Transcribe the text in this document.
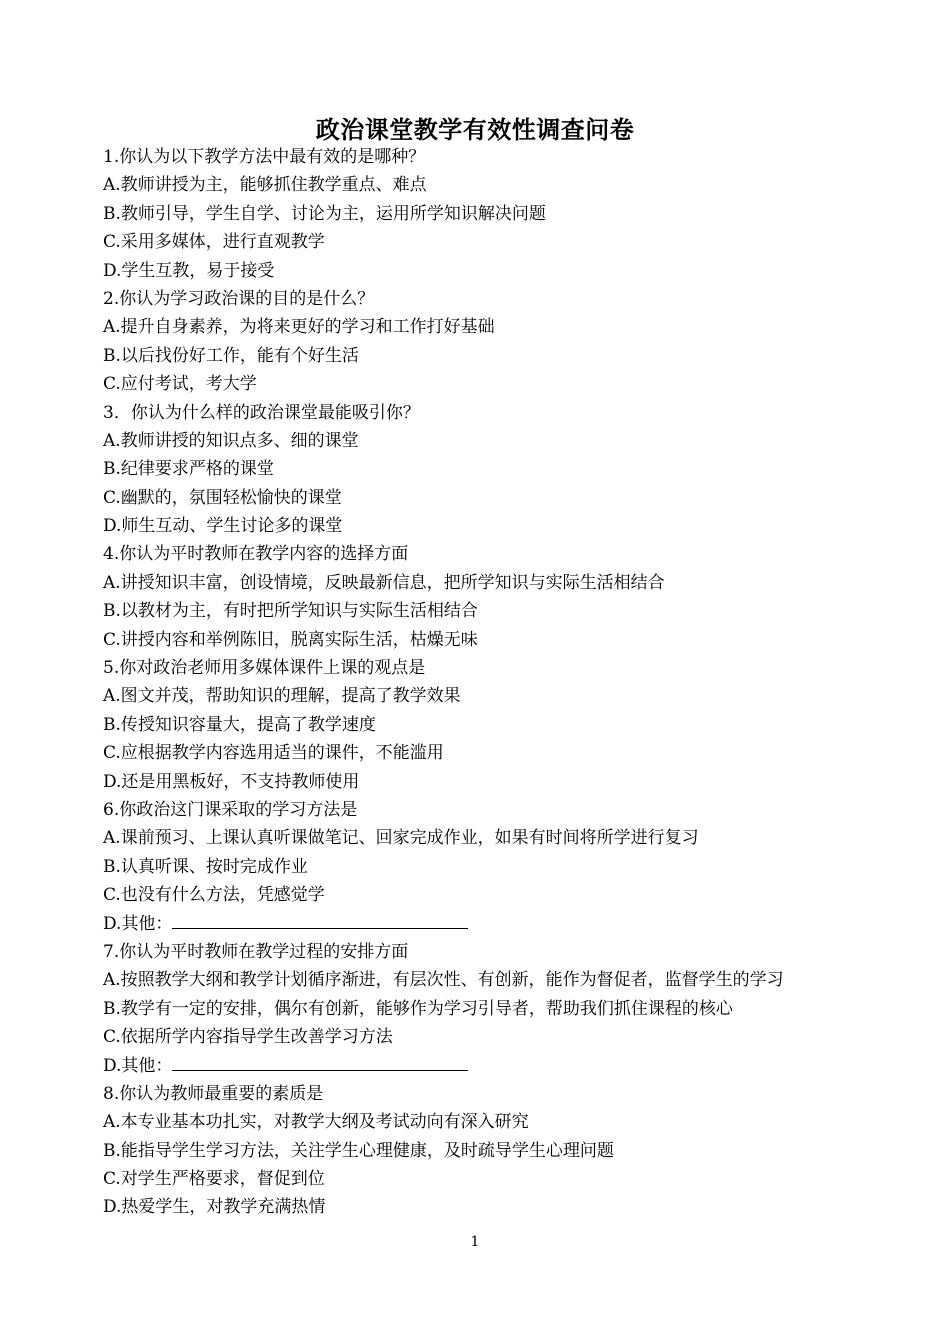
政治课堂教学有效性调查问卷
1.你认为以下教学方法中最有效的是哪种？
A.教师讲授为主，能够抓住教学重点、难点
B.教师引导，学生自学、讨论为主，运用所学知识解决问题
C.采用多媒体，进行直观教学
D.学生互教，易于接受
2.你认为学习政治课的目的是什么？
A.提升自身素养，为将来更好的学习和工作打好基础
B.以后找份好工作，能有个好生活
C.应付考试，考大学
3．你认为什么样的政治课堂最能吸引你？
A.教师讲授的知识点多、细的课堂
B.纪律要求严格的课堂
C.幽默的，氛围轻松愉快的课堂
D.师生互动、学生讨论多的课堂
4.你认为平时教师在教学内容的选择方面
A.讲授知识丰富，创设情境，反映最新信息，把所学知识与实际生活相结合
B.以教材为主，有时把所学知识与实际生活相结合
C.讲授内容和举例陈旧，脱离实际生活，枯燥无味
5.你对政治老师用多媒体课件上课的观点是
A.图文并茂，帮助知识的理解，提高了教学效果
B.传授知识容量大，提高了教学速度
C.应根据教学内容选用适当的课件，不能滥用
D.还是用黑板好，不支持教师使用
6.你政治这门课采取的学习方法是
A.课前预习、上课认真听课做笔记、回家完成作业，如果有时间将所学进行复习
B.认真听课、按时完成作业
C.也没有什么方法，凭感觉学
D.其他：
7.你认为平时教师在教学过程的安排方面
A.按照教学大纲和教学计划循序渐进，有层次性、有创新，能作为督促者，监督学生的学习
B.教学有一定的安排，偶尔有创新，能够作为学习引导者，帮助我们抓住课程的核心
C.依据所学内容指导学生改善学习方法
D.其他：
8.你认为教师最重要的素质是
A.本专业基本功扎实，对教学大纲及考试动向有深入研究
B.能指导学生学习方法，关注学生心理健康，及时疏导学生心理问题
C.对学生严格要求，督促到位
D.热爱学生，对教学充满热情
1
